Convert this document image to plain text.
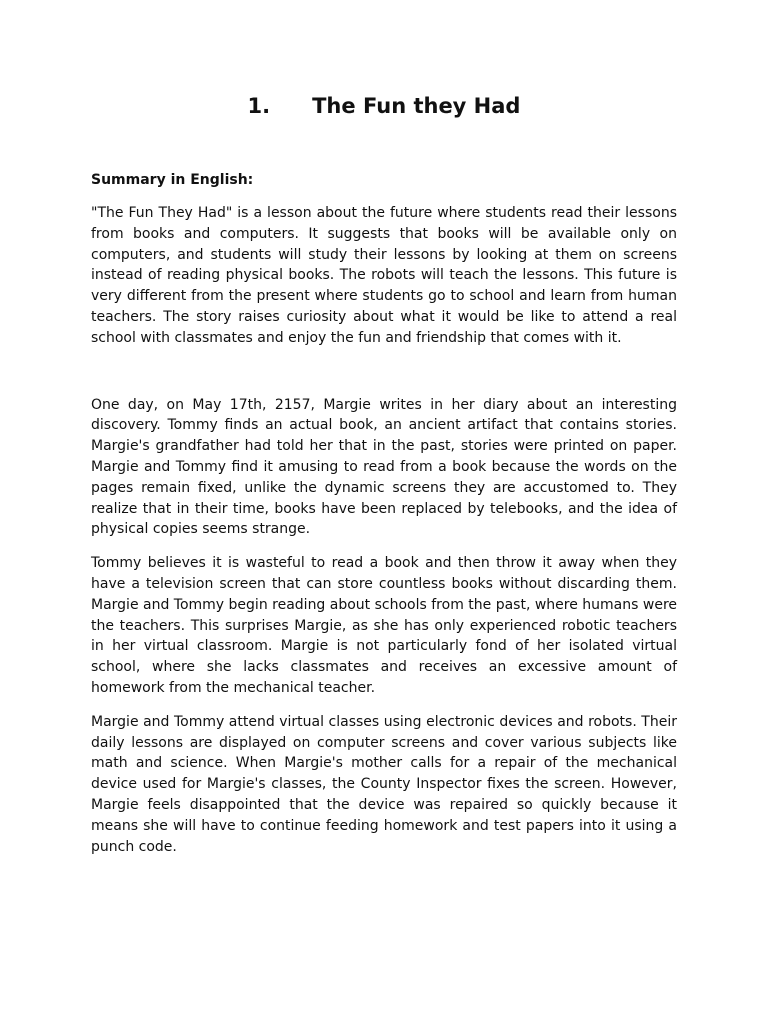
1. The Fun they Had
Summary in English:

"The Fun They Had" is a lesson about the future where students read their lessons from books and computers. It suggests that books will be available only on computers, and students will study their lessons by looking at them on screens instead of reading physical books. The robots will teach the lessons. This future is very different from the present where students go to school and learn from human teachers. The story raises curiosity about what it would be like to attend a real school with classmates and enjoy the fun and friendship that comes with it.

One day, on May 17th, 2157, Margie writes in her diary about an interesting discovery. Tommy finds an actual book, an ancient artifact that contains stories. Margie's grandfather had told her that in the past, stories were printed on paper. Margie and Tommy find it amusing to read from a book because the words on the pages remain fixed, unlike the dynamic screens they are accustomed to. They realize that in their time, books have been replaced by telebooks, and the idea of physical copies seems strange.

Tommy believes it is wasteful to read a book and then throw it away when they have a television screen that can store countless books without discarding them. Margie and Tommy begin reading about schools from the past, where humans were the teachers. This surprises Margie, as she has only experienced robotic teachers in her virtual classroom. Margie is not particularly fond of her isolated virtual school, where she lacks classmates and receives an excessive amount of homework from the mechanical teacher.

Margie and Tommy attend virtual classes using electronic devices and robots. Their daily lessons are displayed on computer screens and cover various subjects like math and science. When Margie's mother calls for a repair of the mechanical device used for Margie's classes, the County Inspector fixes the screen. However, Margie feels disappointed that the device was repaired so quickly because it means she will have to continue feeding homework and test papers into it using a punch code.
